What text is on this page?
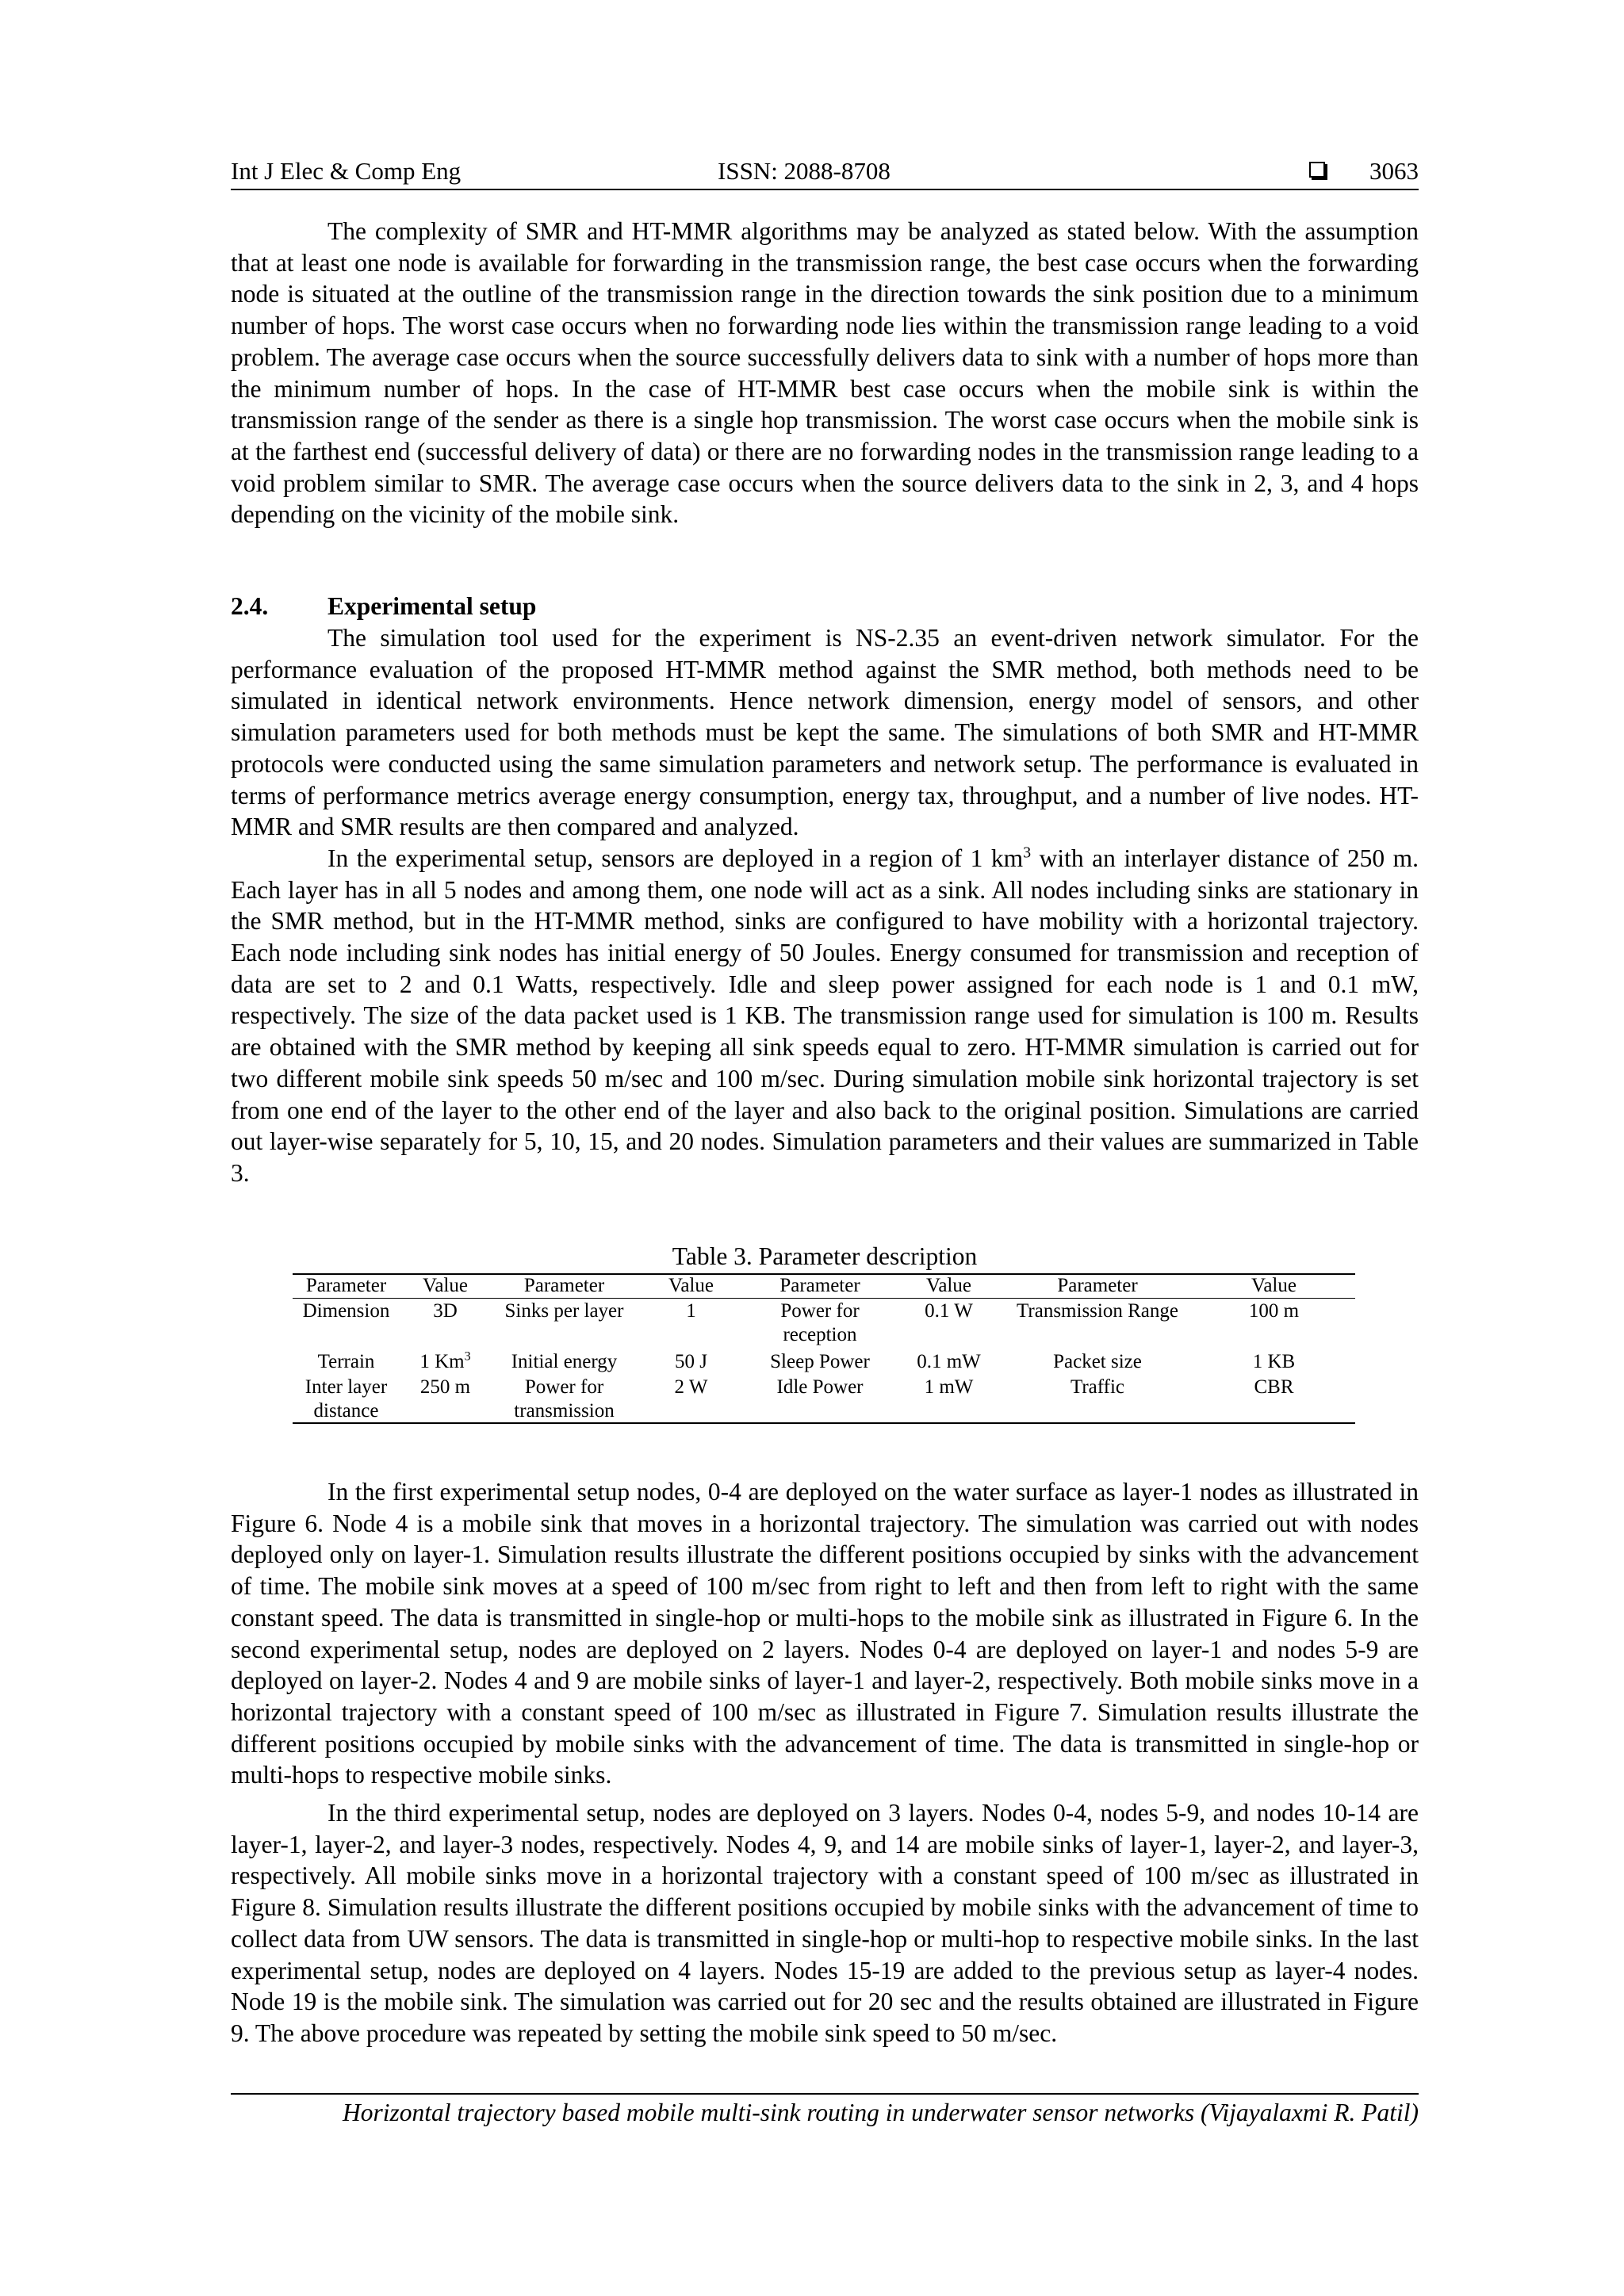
Int J Elec & Comp Eng	ISSN: 2088-8708	3063

The complexity of SMR and HT-MMR algorithms may be analyzed as stated below. With the assumption that at least one node is available for forwarding in the transmission range, the best case occurs when the forwarding node is situated at the outline of the transmission range in the direction towards the sink position due to a minimum number of hops. The worst case occurs when no forwarding node lies within the transmission range leading to a void problem. The average case occurs when the source successfully delivers data to sink with a number of hops more than the minimum number of hops. In the case of HT-MMR best case occurs when the mobile sink is within the transmission range of the sender as there is a single hop transmission. The worst case occurs when the mobile sink is at the farthest end (successful delivery of data) or there are no forwarding nodes in the transmission range leading to a void problem similar to SMR. The average case occurs when the source delivers data to the sink in 2, 3, and 4 hops depending on the vicinity of the mobile sink.

2.4. Experimental setup

The simulation tool used for the experiment is NS-2.35 an event-driven network simulator. For the performance evaluation of the proposed HT-MMR method against the SMR method, both methods need to be simulated in identical network environments. Hence network dimension, energy model of sensors, and other simulation parameters used for both methods must be kept the same. The simulations of both SMR and HT-MMR protocols were conducted using the same simulation parameters and network setup. The performance is evaluated in terms of performance metrics average energy consumption, energy tax, throughput, and a number of live nodes. HT-MMR and SMR results are then compared and analyzed.

In the experimental setup, sensors are deployed in a region of 1 $km^3$ with an interlayer distance of 250 m. Each layer has in all 5 nodes and among them, one node will act as a sink. All nodes including sinks are stationary in the SMR method, but in the HT-MMR method, sinks are configured to have mobility with a horizontal trajectory. Each node including sink nodes has initial energy of 50 Joules. Energy consumed for transmission and reception of data are set to 2 and 0.1 Watts, respectively. Idle and sleep power assigned for each node is 1 and 0.1 mW, respectively. The size of the data packet used is 1 KB. The transmission range used for simulation is 100 m. Results are obtained with the SMR method by keeping all sink speeds equal to zero. HT-MMR simulation is carried out for two different mobile sink speeds 50 m/sec and 100 m/sec. During simulation mobile sink horizontal trajectory is set from one end of the layer to the other end of the layer and also back to the original position. Simulations are carried out layer-wise separately for 5, 10, 15, and 20 nodes. Simulation parameters and their values are summarized in Table 3.

Table 3. Parameter description
Parameter	Value	Parameter	Value	Parameter	Value	Parameter	Value
Dimension	3D	Sinks per layer	1	Power for reception	0.1 W	Transmission Range	100 m
Terrain	1 Km$^3$	Initial energy	50 J	Sleep Power	0.1 mW	Packet size	1 KB
Inter layer distance	250 m	Power for transmission	2 W	Idle Power	1 mW	Traffic	CBR

In the first experimental setup nodes, 0-4 are deployed on the water surface as layer-1 nodes as illustrated in Figure 6. Node 4 is a mobile sink that moves in a horizontal trajectory. The simulation was carried out with nodes deployed only on layer-1. Simulation results illustrate the different positions occupied by sinks with the advancement of time. The mobile sink moves at a speed of 100 m/sec from right to left and then from left to right with the same constant speed. The data is transmitted in single-hop or multi-hops to the mobile sink as illustrated in Figure 6. In the second experimental setup, nodes are deployed on 2 layers. Nodes 0-4 are deployed on layer-1 and nodes 5-9 are deployed on layer-2. Nodes 4 and 9 are mobile sinks of layer-1 and layer-2, respectively. Both mobile sinks move in a horizontal trajectory with a constant speed of 100 m/sec as illustrated in Figure 7. Simulation results illustrate the different positions occupied by mobile sinks with the advancement of time. The data is transmitted in single-hop or multi-hops to respective mobile sinks.

In the third experimental setup, nodes are deployed on 3 layers. Nodes 0-4, nodes 5-9, and nodes 10-14 are layer-1, layer-2, and layer-3 nodes, respectively. Nodes 4, 9, and 14 are mobile sinks of layer-1, layer-2, and layer-3, respectively. All mobile sinks move in a horizontal trajectory with a constant speed of 100 m/sec as illustrated in Figure 8. Simulation results illustrate the different positions occupied by mobile sinks with the advancement of time to collect data from UW sensors. The data is transmitted in single-hop or multi-hop to respective mobile sinks. In the last experimental setup, nodes are deployed on 4 layers. Nodes 15-19 are added to the previous setup as layer-4 nodes. Node 19 is the mobile sink. The simulation was carried out for 20 sec and the results obtained are illustrated in Figure 9. The above procedure was repeated by setting the mobile sink speed to 50 m/sec.

Horizontal trajectory based mobile multi-sink routing in underwater sensor networks (Vijayalaxmi R. Patil)
